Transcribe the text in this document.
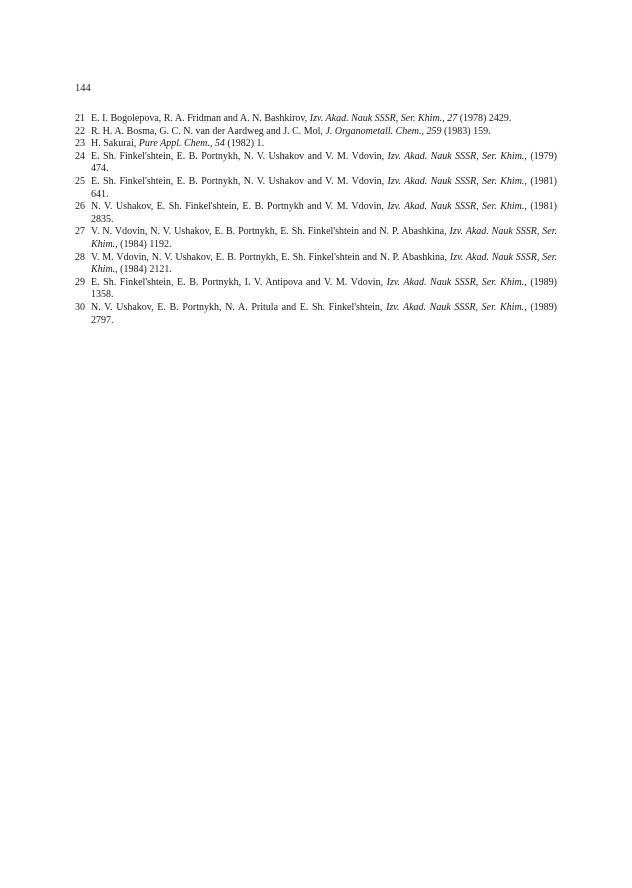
144
21 E. I. Bogolepova, R. A. Fridman and A. N. Bashkirov, Izv. Akad. Nauk SSSR, Ser. Khim., 27 (1978) 2429.
22 R. H. A. Bosma, G. C. N. van der Aardweg and J. C. Mol, J. Organometall. Chem., 259 (1983) 159.
23 H. Sakurai, Pure Appl. Chem., 54 (1982) 1.
24 E. Sh. Finkel'shtein, E. B. Portnykh, N. V. Ushakov and V. M. Vdovin, Izv. Akad. Nauk SSSR, Ser. Khim., (1979) 474.
25 E. Sh. Finkel'shtein, E. B. Portnykh, N. V. Ushakov and V. M. Vdovin, Izv. Akad. Nauk SSSR, Ser. Khim., (1981) 641.
26 N. V. Ushakov, E. Sh. Finkel'shtein, E. B. Portnykh and V. M. Vdovin, Izv. Akad. Nauk SSSR, Ser. Khim., (1981) 2835.
27 V. N. Vdovin, N. V. Ushakov, E. B. Portnykh, E. Sh. Finkel'shtein and N. P. Abashkina, Izv. Akad. Nauk SSSR, Ser. Khim., (1984) 1192.
28 V. M. Vdovin, N. V. Ushakov, E. B. Portnykh, E. Sh. Finkel'shtein and N. P. Abashkina, Izv. Akad. Nauk SSSR, Ser. Khim., (1984) 2121.
29 E. Sh. Finkel'shtein, E. B. Portnykh, I. V. Antipova and V. M. Vdovin, Izv. Akad. Nauk SSSR, Ser. Khim., (1989) 1358.
30 N. V. Ushakov, E. B. Portnykh, N. A. Pritula and E. Sh. Finkel'shtein, Izv. Akad. Nauk SSSR, Ser. Khim., (1989) 2797.
